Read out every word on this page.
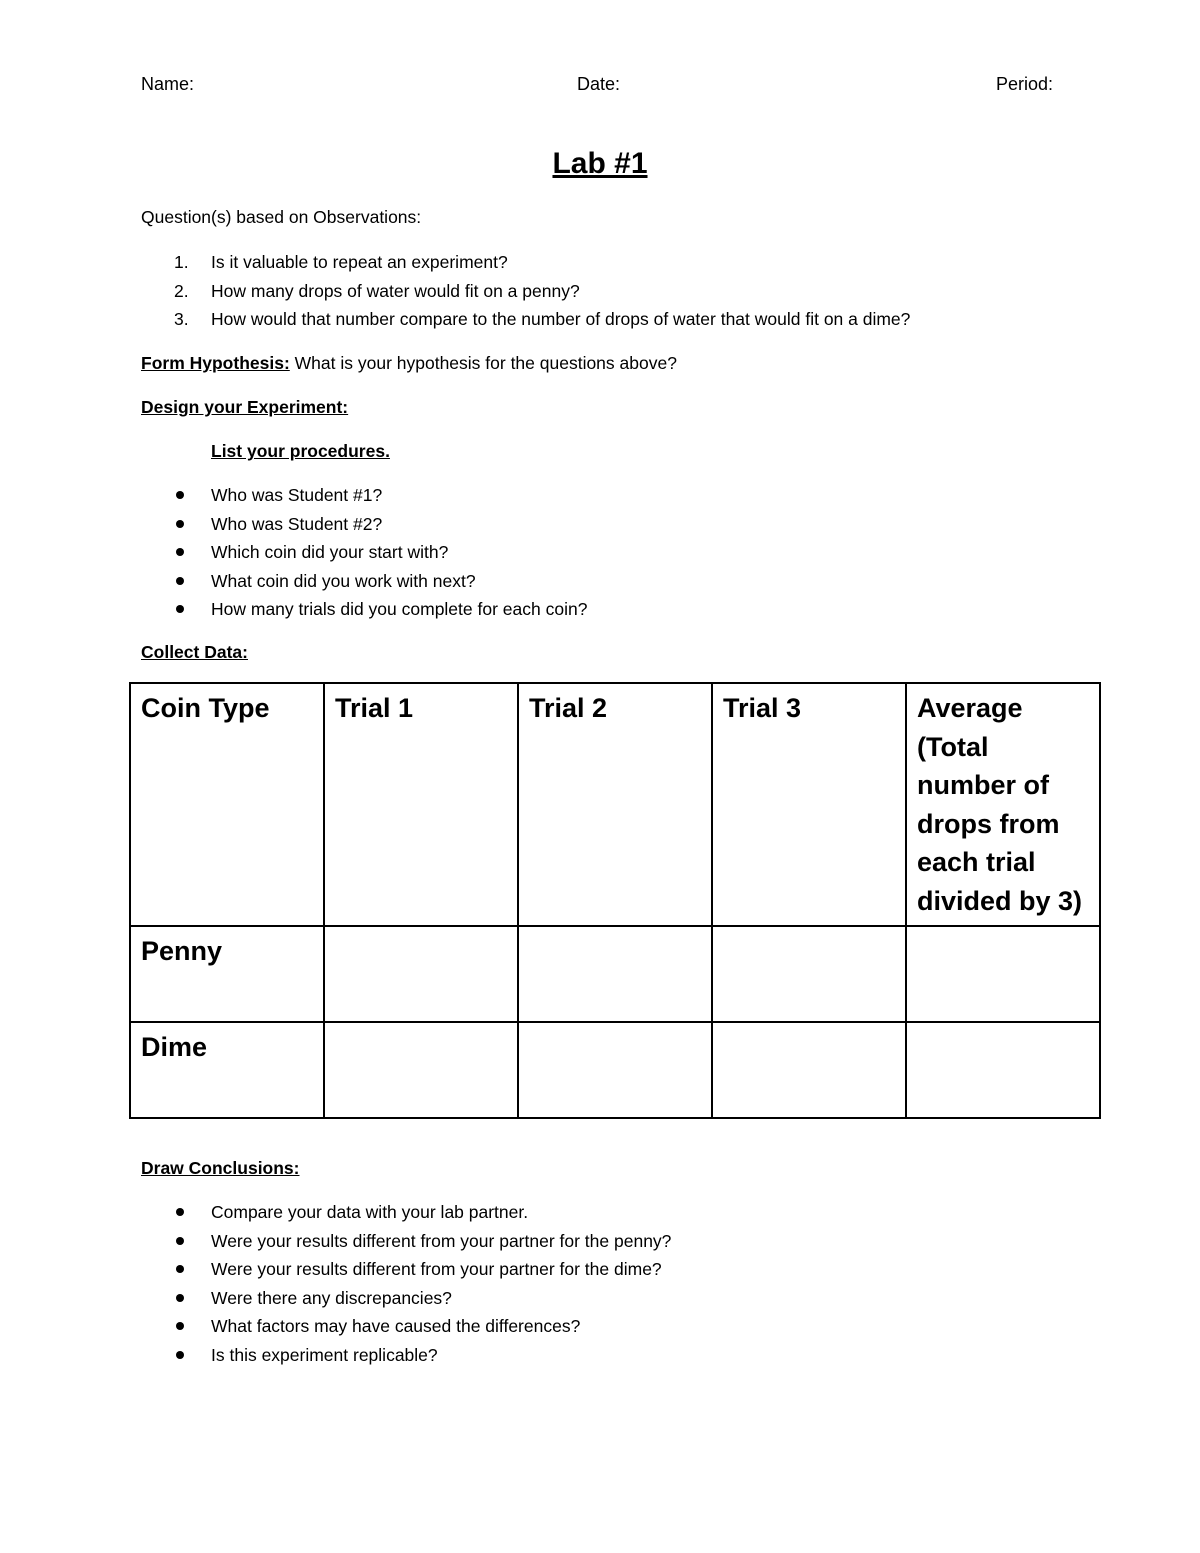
Name:	Date:	Period:
Lab #1
Question(s) based on Observations:
1. Is it valuable to repeat an experiment?
2. How many drops of water would fit on a penny?
3. How would that number compare to the number of drops of water that would fit on a dime?
Form Hypothesis: What is your hypothesis for the questions above?
Design your Experiment:
List your procedures.
Who was Student #1?
Who was Student #2?
Which coin did your start with?
What coin did you work with next?
How many trials did you complete for each coin?
Collect Data:
Coin Type	Trial 1	Trial 2	Trial 3	Average (Total number of drops from each trial divided by 3)
Penny				
Dime				
Draw Conclusions:
Compare your data with your lab partner.
Were your results different from your partner for the penny?
Were your results different from your partner for the dime?
Were there any discrepancies?
What factors may have caused the differences?
Is this experiment replicable?
